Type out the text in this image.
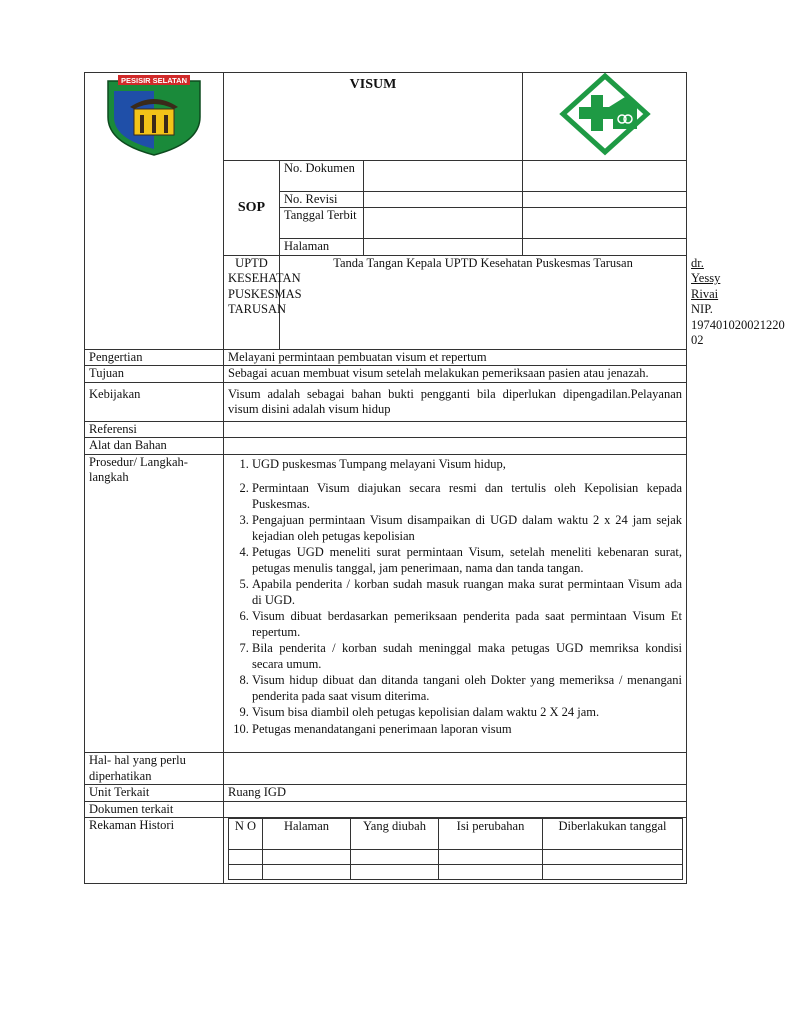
PESISIR SELATAN	VISUM	
SOP	No. Dokumen		
No. Revisi		
Tanggal Terbit		
Halaman		
UPTD KESEHATAN PUSKESMAS TARUSAN	Tanda Tangan Kepala UPTD Kesehatan Puskesmas Tarusan	dr. Yessy Rivai
NIP. 197401020021220 02

Pengertian	Melayani permintaan pembuatan visum et repertum
Tujuan	Sebagai acuan membuat visum setelah melakukan pemeriksaan pasien atau jenazah.
Kebijakan	Visum adalah sebagai bahan bukti pengganti bila diperlukan dipengadilan.Pelayanan visum disini adalah visum hidup
Referensi	
Alat dan Bahan	
Prosedur/ Langkah-langkah	
1. UGD puskesmas Tumpang melayani Visum hidup,
2. Permintaan Visum diajukan secara resmi dan tertulis oleh Kepolisian kepada Puskesmas.
3. Pengajuan permintaan Visum disampaikan di UGD dalam waktu 2 x 24 jam sejak kejadian oleh petugas kepolisian
4. Petugas UGD meneliti surat permintaan Visum, setelah meneliti kebenaran surat, petugas menulis tanggal, jam penerimaan, nama dan tanda tangan.
5. Apabila penderita / korban sudah masuk ruangan maka surat permintaan Visum ada di UGD.
6. Visum dibuat berdasarkan pemeriksaan penderita pada saat permintaan Visum Et repertum.
7. Bila penderita / korban sudah meninggal maka petugas UGD memriksa kondisi secara umum.
8. Visum hidup dibuat dan ditanda tangani oleh Dokter yang memeriksa / menangani penderita pada saat visum diterima.
9. Visum bisa diambil oleh petugas kepolisian dalam waktu 2 X 24 jam.
10. Petugas menandatangani penerimaan laporan visum

Hal- hal yang perlu diperhatikan	
Unit Terkait	Ruang IGD
Dokumen terkait	
Rekaman Histori		N O	Halaman	Yang diubah	Isi perubahan	Diberlakukan tanggal
